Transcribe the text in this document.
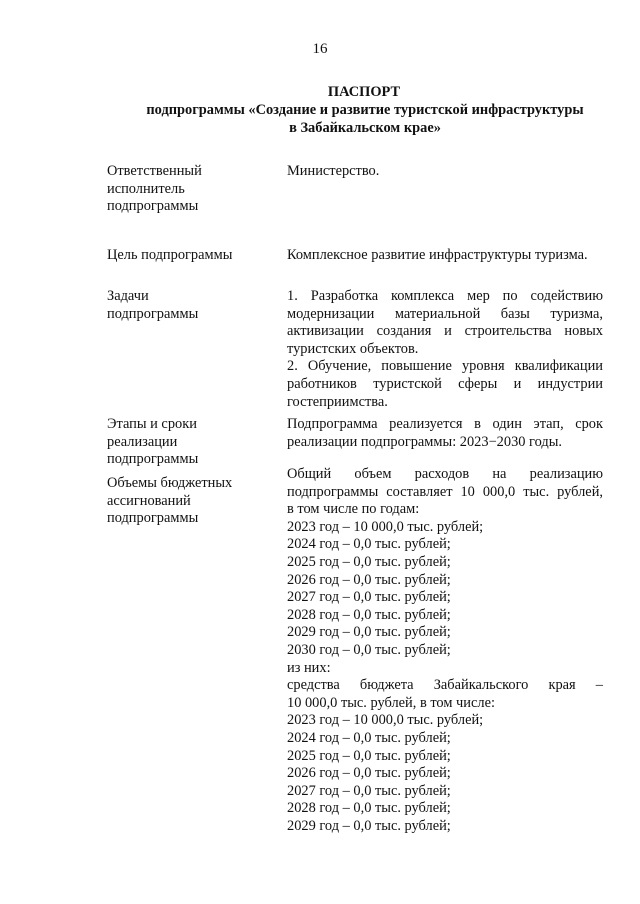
16
ПАСПОРТ
подпрограммы «Создание и развитие туристской инфраструктуры
в Забайкальском крае»
Ответственный
исполнитель
подпрограммы
Министерство.
Цель подпрограммы	Комплексное развитие инфраструктуры туризма.
Задачи
подпрограммы
1. Разработка комплекса мер по содействию
модернизации материальной базы туризма,
активизации создания и строительства новых
туристских объектов.
2. Обучение, повышение уровня квалификации
работников туристской сферы и индустрии
гостеприимства.
Этапы и сроки
реализации
подпрограммы
Подпрограмма реализуется в один этап, срок
реализации подпрограммы: 2023−2030 годы.
Объемы бюджетных
ассигнований
подпрограммы
Общий объем расходов на реализацию
подпрограммы составляет 10 000,0 тыс. рублей,
в том числе по годам:
2023 год – 10 000,0 тыс. рублей;
2024 год – 0,0 тыс. рублей;
2025 год – 0,0 тыс. рублей;
2026 год – 0,0 тыс. рублей;
2027 год – 0,0 тыс. рублей;
2028 год – 0,0 тыс. рублей;
2029 год – 0,0 тыс. рублей;
2030 год – 0,0 тыс. рублей;
из них:
средства бюджета Забайкальского края –
10 000,0 тыс. рублей, в том числе:
2023 год – 10 000,0 тыс. рублей;
2024 год – 0,0 тыс. рублей;
2025 год – 0,0 тыс. рублей;
2026 год – 0,0 тыс. рублей;
2027 год – 0,0 тыс. рублей;
2028 год – 0,0 тыс. рублей;
2029 год – 0,0 тыс. рублей;
